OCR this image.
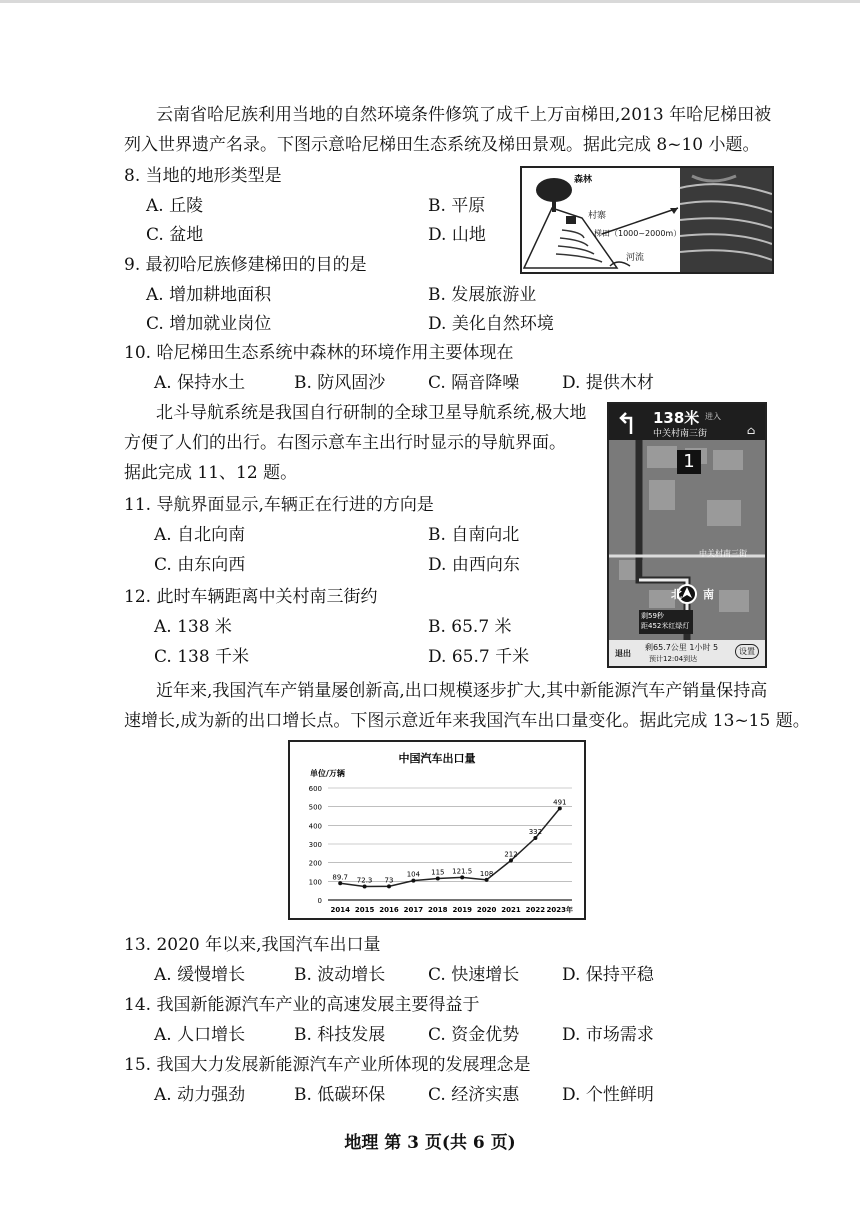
云南省哈尼族利用当地的自然环境条件修筑了成千上万亩梯田,2013 年哈尼梯田被
列入世界遗产名录。下图示意哈尼梯田生态系统及梯田景观。据此完成 8~10 小题。
8. 当地的地形类型是
A. 丘陵	B. 平原
C. 盆地	D. 山地
9. 最初哈尼族修建梯田的目的是
A. 增加耕地面积	B. 发展旅游业
C. 增加就业岗位	D. 美化自然环境
10. 哈尼梯田生态系统中森林的环境作用主要体现在
A. 保持水土	B. 防风固沙	C. 隔音降噪	D. 提供木材
森林
村寨
梯田（1000~2000m）
河流
北斗导航系统是我国自行研制的全球卫星导航系统,极大地
方便了人们的出行。右图示意车主出行时显示的导航界面。
据此完成 11、12 题。
11. 导航界面显示,车辆正在行进的方向是
A. 自北向南	B. 自南向北
C. 由东向西	D. 由西向东
12. 此时车辆距离中关村南三街约
A. 138 米	B. 65.7 米
C. 138 千米	D. 65.7 千米
138米 进入
中关村南三街	⌂
1
中关村南三街
北 南
剩59秒
距452米红绿灯
退出
剩65.7公里 1小时 5
预计12:04到达
设置
近年来,我国汽车产销量屡创新高,出口规模逐步扩大,其中新能源汽车产销量保持高
速增长,成为新的出口增长点。下图示意近年来我国汽车出口量变化。据此完成 13~15 题。
中国汽车出口量
单位/万辆
0
100
200
300
400
500
600
2014 2015 2016 2017 2018 2019 2020 2021 2022 2023年
89.7 72.3 73
104 115 121.5 108
212
332
491
13. 2020 年以来,我国汽车出口量
A. 缓慢增长	B. 波动增长	C. 快速增长	D. 保持平稳
14. 我国新能源汽车产业的高速发展主要得益于
A. 人口增长	B. 科技发展	C. 资金优势	D. 市场需求
15. 我国大力发展新能源汽车产业所体现的发展理念是
A. 动力强劲	B. 低碳环保	C. 经济实惠	D. 个性鲜明
地理 第 3 页(共 6 页)
